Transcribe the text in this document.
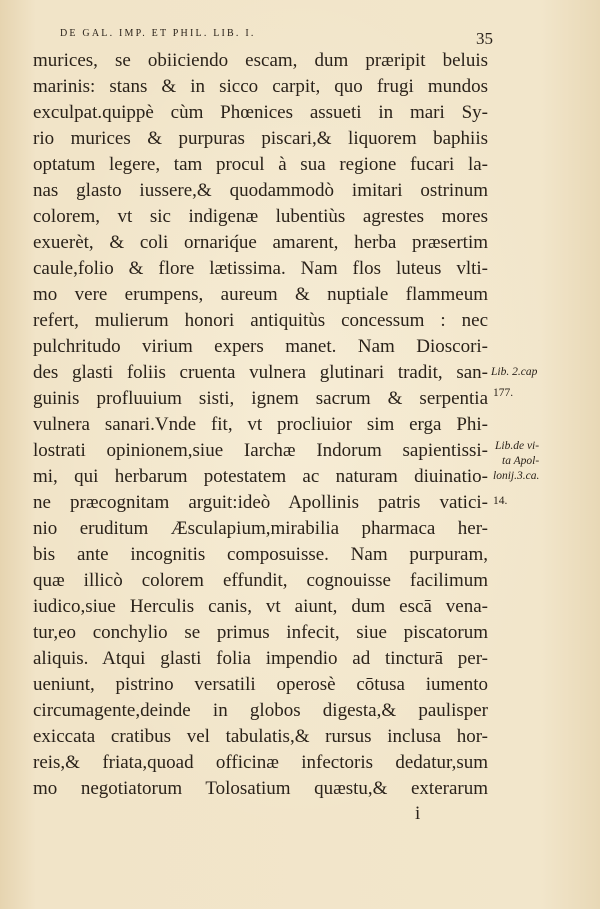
DE GAL. IMP. ET PHIL. LIB. I.	35
murices, se obiiciendo escam, dum præripit beluis
marinis: stans & in sicco carpit, quo frugi mundos
exculpat.quippè cùm Phœnices assueti in mari Sy-
rio murices & purpuras piscari,& liquorem baphiis
optatum legere, tam procul à sua regione fucari la-
nas glasto iussere,& quodammodò imitari ostrinum
colorem, vt sic indigenæ lubentiùs agrestes mores
exuerèt, & coli ornariq́ue amarent, herba præsertim
caule,folio & flore lætissima. Nam flos luteus vlti-
mo vere erumpens, aureum & nuptiale flammeum
refert, mulierum honori antiquitùs concessum : nec
pulchritudo virium expers manet. Nam Dioscori-
des glasti foliis cruenta vulnera glutinari tradit, san-
guinis profluuium sisti, ignem sacrum & serpentia
vulnera sanari.Vnde fit, vt procliuior sim erga Phi-
lostrati opinionem,siue Iarchæ Indorum sapientissi-
mi, qui herbarum potestatem ac naturam diuinatio-
ne præcognitam arguit:ideò Apollinis patris vatici-
nio eruditum Æsculapium,mirabilia pharmaca her-
bis ante incognitis composuisse. Nam purpuram,
quæ illicò colorem effundit, cognouisse facilimum
iudico,siue Herculis canis, vt aiunt, dum escā vena-
tur,eo conchylio se primus infecit, siue piscatorum
aliquis. Atqui glasti folia impendio ad tincturā per-
ueniunt, pistrino versatili operosè cōtusa iumento
circumagente,deinde in globos digesta,& paulisper
exiccata cratibus vel tabulatis,& rursus inclusa hor-
reis,& friata,quoad officinæ infectoris dedatur,sum
mo negotiatorum Tolosatium quæstu,& exterarum
Lib. 2.cap
177.
Lib.de vi-
ta Apol-
lonij.3.ca.
14.
i
